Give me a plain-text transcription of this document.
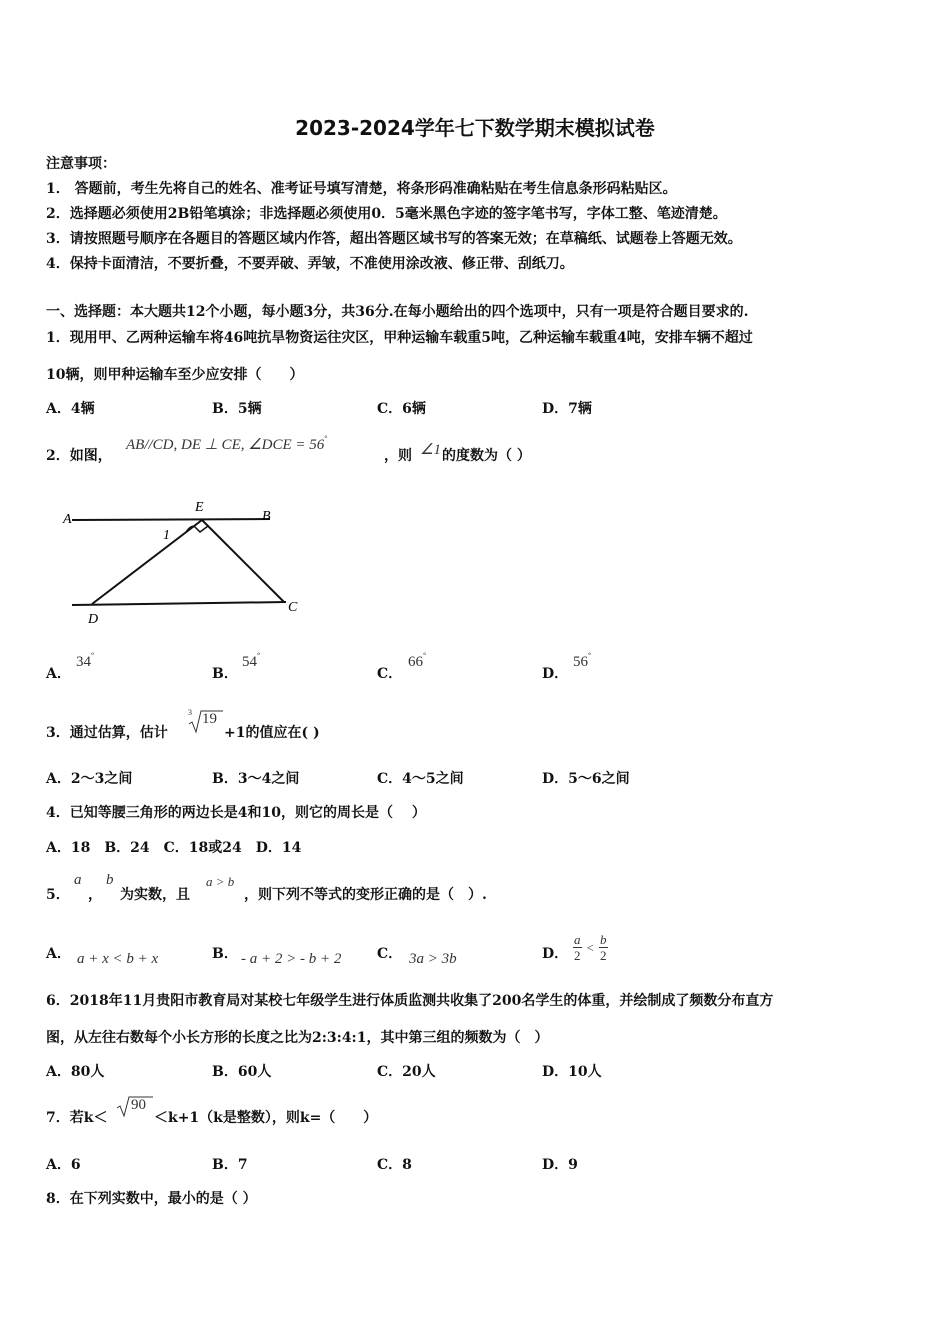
2023-2024学年七下数学期末模拟试卷
注意事项：
1． 答题前，考生先将自己的姓名、准考证号填写清楚，将条形码准确粘贴在考生信息条形码粘贴区。
2．选择题必须使用2B铅笔填涂；非选择题必须使用0．5毫米黑色字迹的签字笔书写，字体工整、笔迹清楚。
3．请按照题号顺序在各题目的答题区域内作答，超出答题区域书写的答案无效；在草稿纸、试题卷上答题无效。
4．保持卡面清洁，不要折叠，不要弄破、弄皱，不准使用涂改液、修正带、刮纸刀。
一、选择题：本大题共12个小题，每小题3分，共36分.在每小题给出的四个选项中，只有一项是符合题目要求的.
1．现用甲、乙两种运输车将46吨抗旱物资运往灾区，甲种运输车载重5吨，乙种运输车载重4吨，安排车辆不超过
10辆，则甲种运输车至少应安排（　　）
A．4辆	B．5辆	C．6辆	D．7辆
2．如图，
AB//CD, DE ⊥ CE, ∠DCE = 56°
，则 ∠1 的度数为（ ）
A
E
B
1
D
C
A．
34°
B．
54°
C．
66°
D．
56°
3．通过估算，估计
3 19
+1的值应在( )
A．2～3之间	B．3～4之间	C．4～5之间	D．5～6之间
4．已知等腰三角形的两边长是4和10，则它的周长是（　 ）
A．18　B．24　C．18或24　D．14
5．
a
，
b
为实数，且
a > b
，则下列不等式的变形正确的是（　）.
A． a + x < b + x	B． - a + 2 > - b + 2	C． 3a > 3b	D． $\frac{a}{2} < \frac{b}{2}$
6．2018年11月贵阳市教育局对某校七年级学生进行体质监测共收集了200名学生的体重，并绘制成了频数分布直方
图，从左往右数每个小长方形的长度之比为2:3:4:1，其中第三组的频数为（　）
A．80人	B．60人	C．20人	D．10人
7．若k＜
90
＜k+1（k是整数），则k=（　　）
A．6	B．7	C．8	D．9
8．在下列实数中，最小的是（ ）
